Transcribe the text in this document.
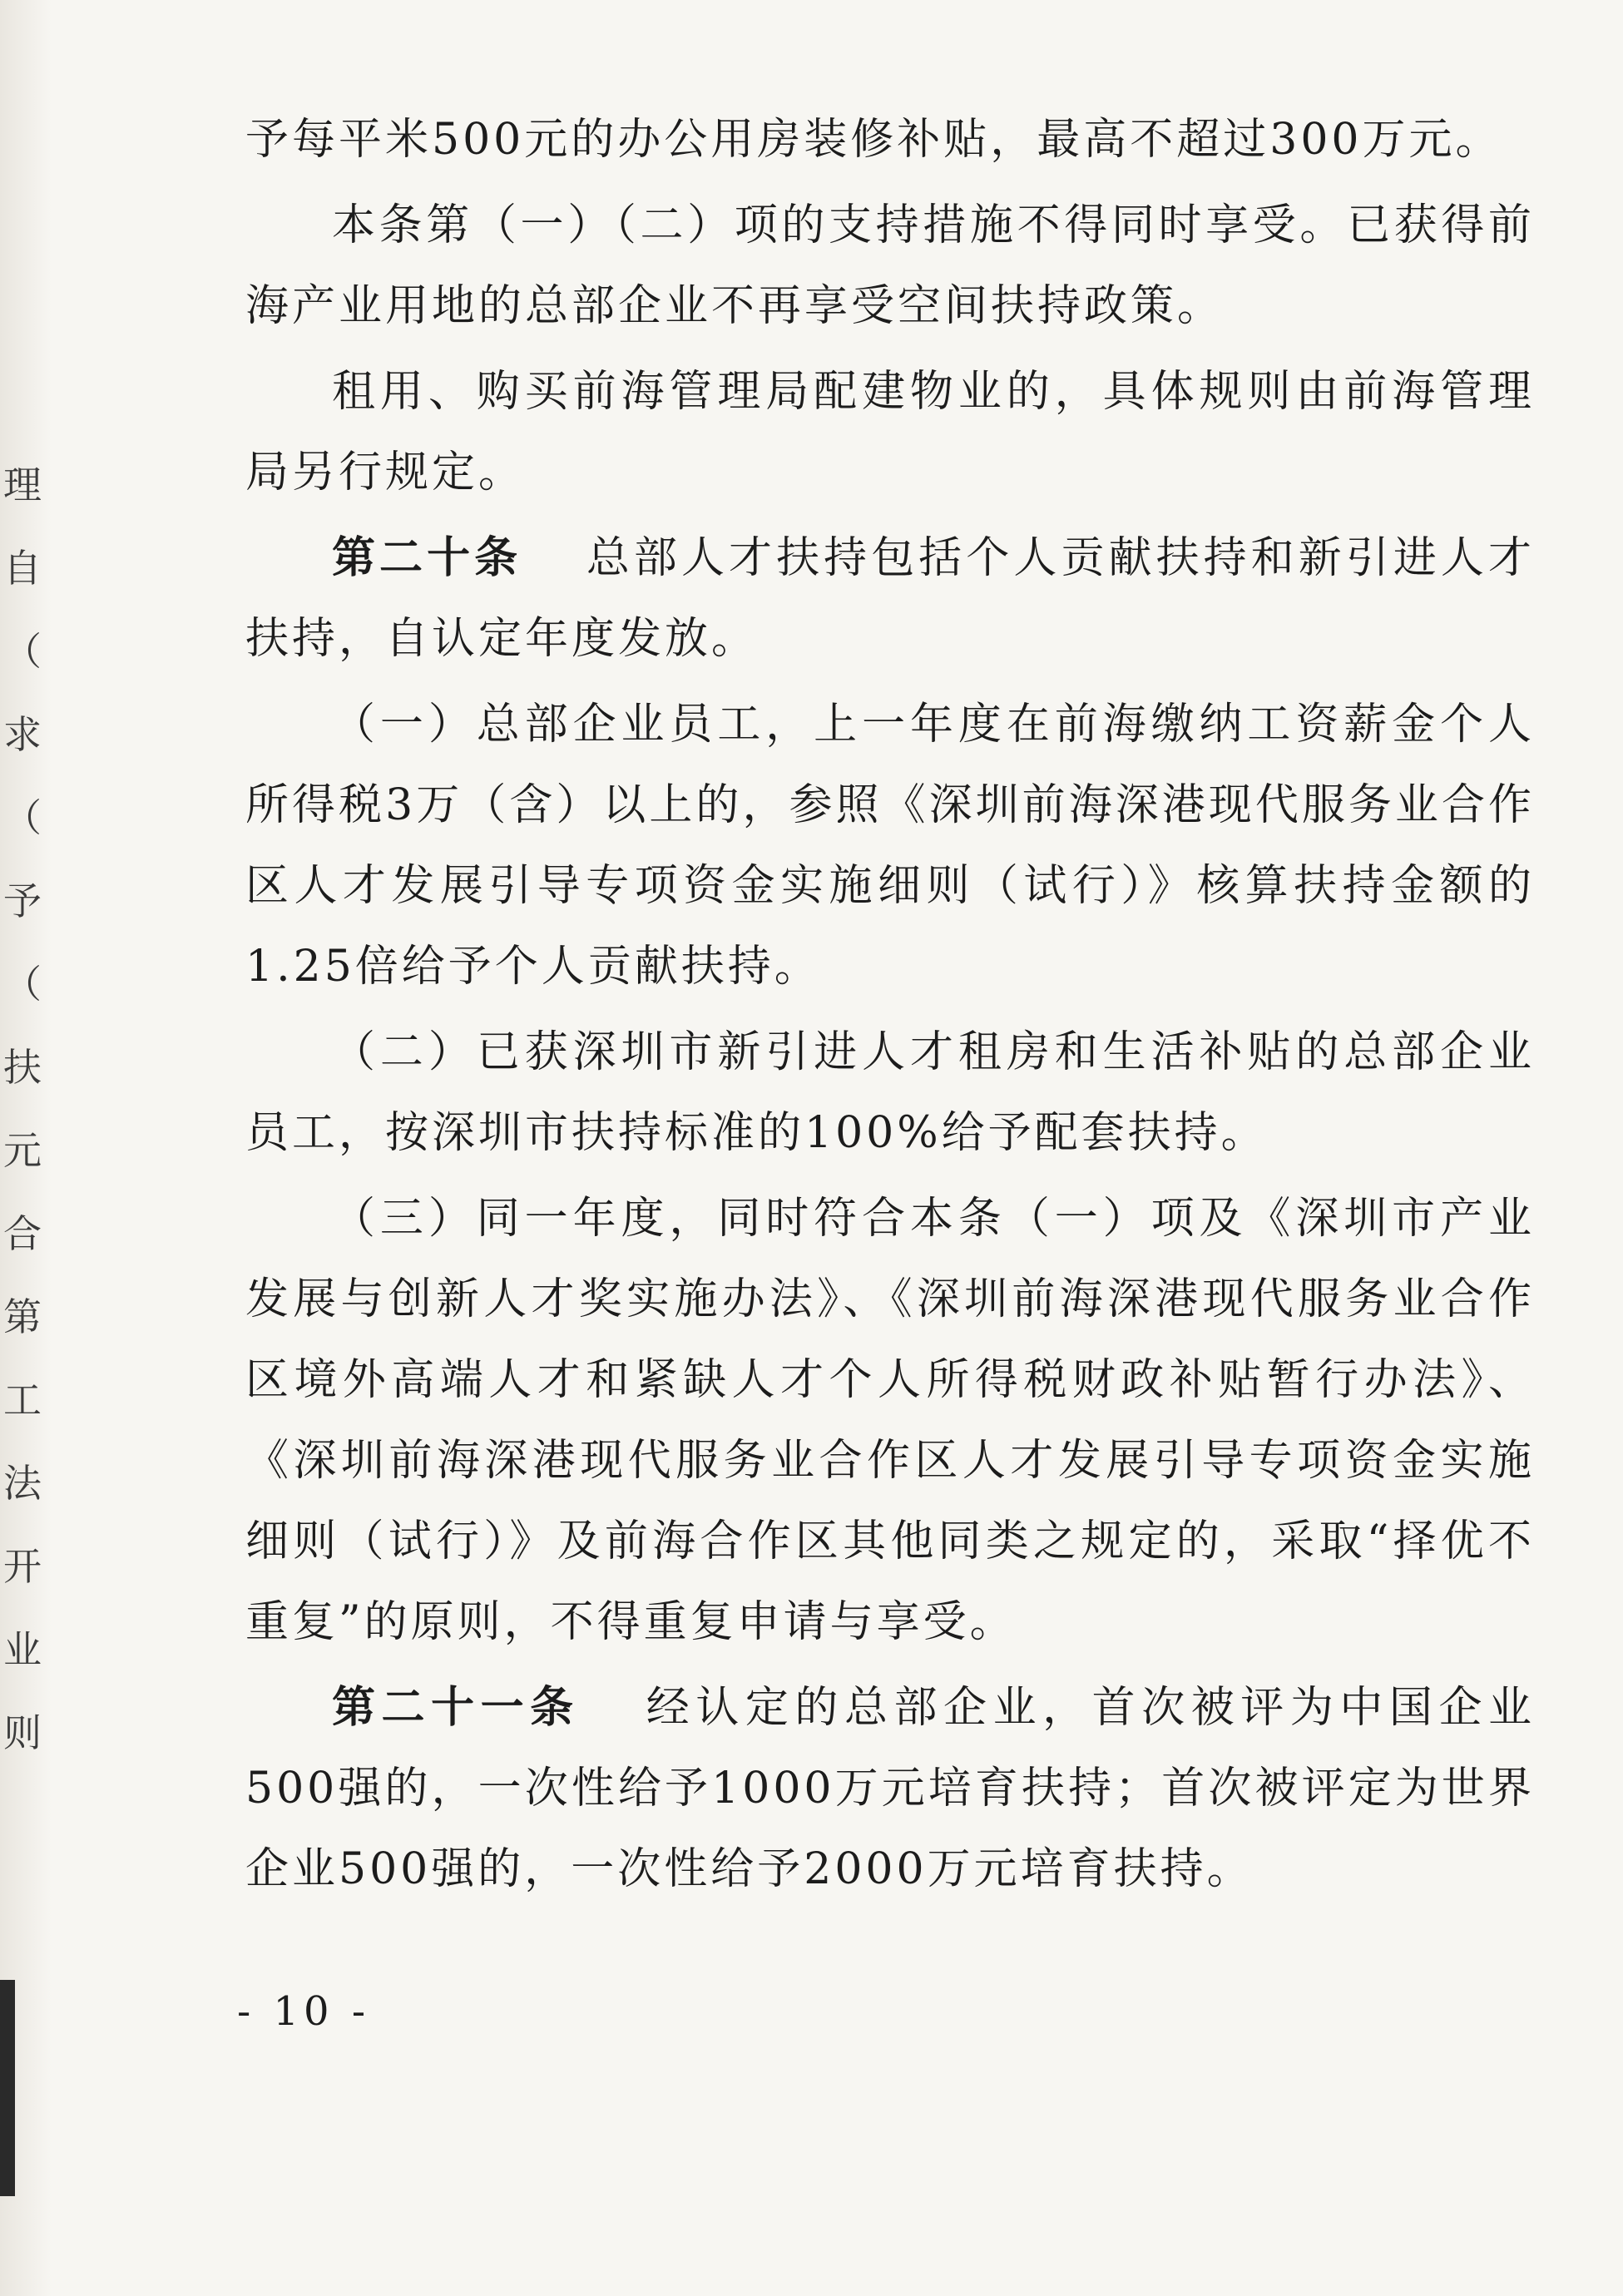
理
自
（
求
（
予
（
扶
元
合
第
工
法
开
业
则

予每平米500元的办公用房装修补贴，最高不超过300万元。

本条第（一）（二）项的支持措施不得同时享受。已获得前海产业用地的总部企业不再享受空间扶持政策。

租用、购买前海管理局配建物业的，具体规则由前海管理局另行规定。

第二十条  总部人才扶持包括个人贡献扶持和新引进人才扶持，自认定年度发放。

（一）总部企业员工，上一年度在前海缴纳工资薪金个人所得税3万（含）以上的，参照《深圳前海深港现代服务业合作区人才发展引导专项资金实施细则（试行）》核算扶持金额的1.25倍给予个人贡献扶持。

（二）已获深圳市新引进人才租房和生活补贴的总部企业员工，按深圳市扶持标准的100%给予配套扶持。

（三）同一年度，同时符合本条（一）项及《深圳市产业发展与创新人才奖实施办法》、《深圳前海深港现代服务业合作区境外高端人才和紧缺人才个人所得税财政补贴暂行办法》、《深圳前海深港现代服务业合作区人才发展引导专项资金实施细则（试行）》及前海合作区其他同类之规定的，采取“择优不重复”的原则，不得重复申请与享受。

第二十一条  经认定的总部企业，首次被评为中国企业500强的，一次性给予1000万元培育扶持；首次被评定为世界企业500强的，一次性给予2000万元培育扶持。

- 10 -
